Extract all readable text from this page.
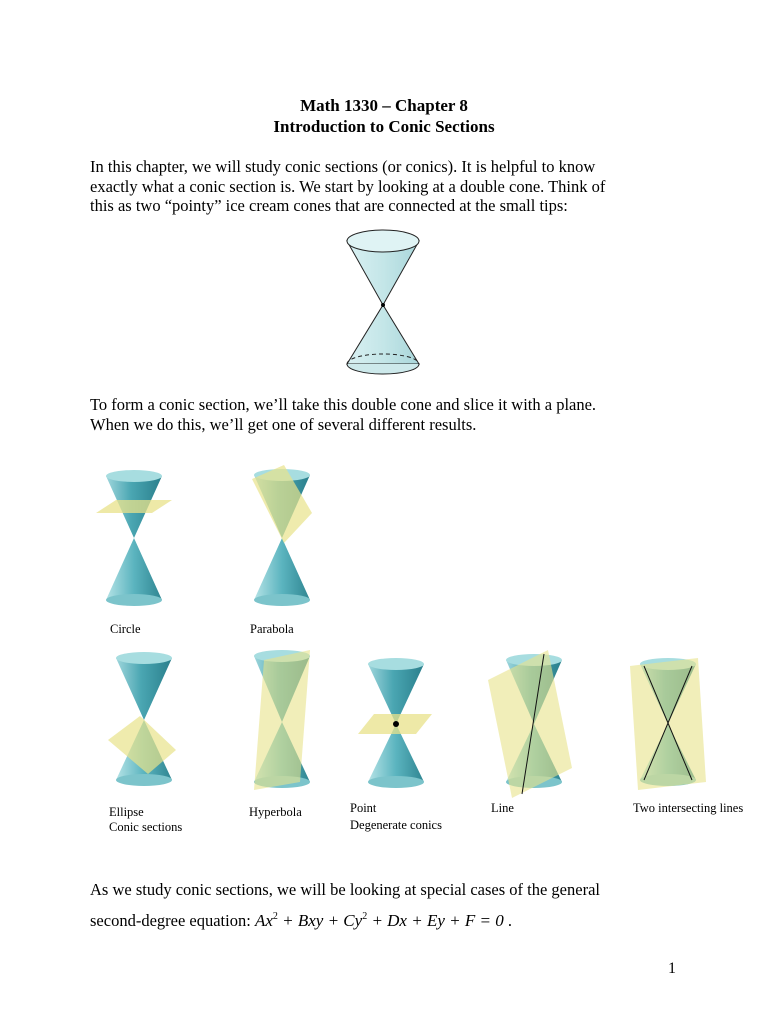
Math 1330 – Chapter 8
Introduction to Conic Sections
In this chapter, we will study conic sections (or conics). It is helpful to know
exactly what a conic section is. We start by looking at a double cone. Think of
this as two “pointy” ice cream cones that are connected at the small tips:
To form a conic section, we’ll take this double cone and slice it with a plane.
When we do this, we’ll get one of several different results.
Circle	Parabola
Ellipse
Conic sections
Hyperbola	Point
Degenerate conics
Line	Two intersecting lines
As we study conic sections, we will be looking at special cases of the general
second-degree equation: $Ax^2$ + Bxy + $Cy^2 + Dx + Ey + F = 0$ .
1
